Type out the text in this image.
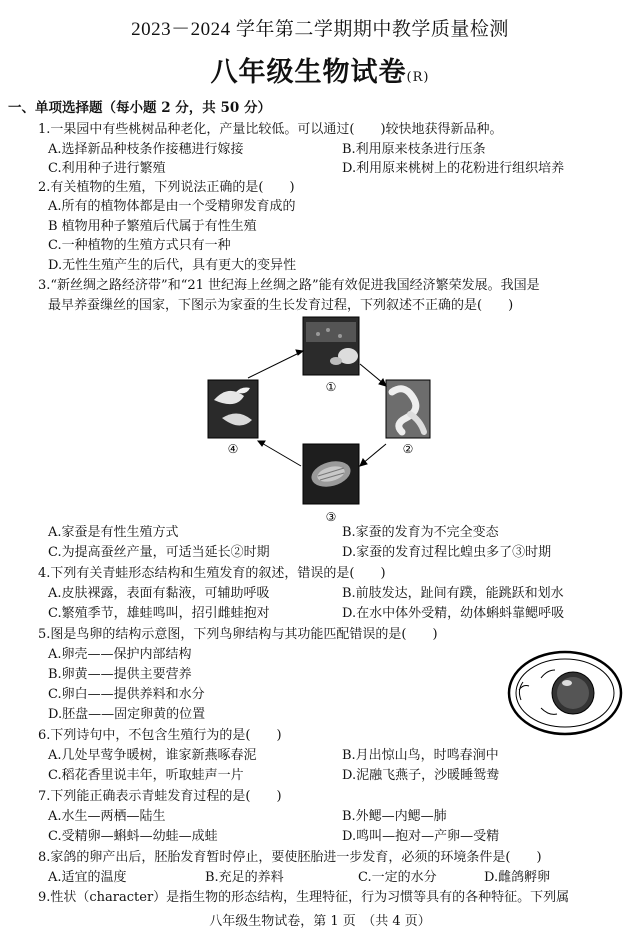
2023－2024 学年第二学期期中教学质量检测
八年级生物试卷(R)
一、单项选择题（每小题 2 分，共 50 分）
1.一果园中有些桃树品种老化，产量比较低。可以通过(　　)较快地获得新品种。
A.选择新品种枝条作接穗进行嫁接	B.利用原来枝条进行压条
C.利用种子进行繁殖	D.利用原来桃树上的花粉进行组织培养
2.有关植物的生殖，下列说法正确的是(　　)
A.所有的植物体都是由一个受精卵发育成的
B 植物用种子繁殖后代属于有性生殖
C.一种植物的生殖方式只有一种
D.无性生殖产生的后代，具有更大的变异性
3.“新丝绸之路经济带”和“21 世纪海上丝绸之路”能有效促进我国经济繁荣发展。我国是
最早养蚕缫丝的国家，下图示为家蚕的生长发育过程，下列叙述不正确的是(　　)
①
②
③
④
A.家蚕是有性生殖方式	B.家蚕的发育为不完全变态
C.为提高蚕丝产量，可适当延长②时期	D.家蚕的发育过程比蝗虫多了③时期
4.下列有关青蛙形态结构和生殖发育的叙述，错误的是(　　)
A.皮肤裸露，表面有黏液，可辅助呼吸	B.前肢发达，趾间有蹼，能跳跃和划水
C.繁殖季节，雄蛙鸣叫，招引雌蛙抱对	D.在水中体外受精，幼体蝌蚪靠鳃呼吸
5.图是鸟卵的结构示意图，下列鸟卵结构与其功能匹配错误的是(　　)
A.卵壳——保护内部结构
B.卵黄——提供主要营养
C.卵白——提供养料和水分
D.胚盘——固定卵黄的位置
6.下列诗句中，不包含生殖行为的是(　　)
A.几处早莺争暖树，谁家新燕啄春泥	B.月出惊山鸟，时鸣春涧中
C.稻花香里说丰年，听取蛙声一片	D.泥融飞燕子，沙暖睡鸳鸯
7.下列能正确表示青蛙发育过程的是(　　)
A.水生—两栖—陆生	B.外鳃—内鳃—肺
C.受精卵—蝌蚪—幼蛙—成蛙	D.鸣叫—抱对—产卵—受精
8.家鸽的卵产出后，胚胎发育暂时停止，要使胚胎进一步发育，必须的环境条件是(　　)
A.适宜的温度	B.充足的养料	C.一定的水分	D.雌鸽孵卵
9.性状（character）是指生物的形态结构，生理特征，行为习惯等具有的各种特征。下列属
八年级生物试卷，第 1 页　（共 4 页）
